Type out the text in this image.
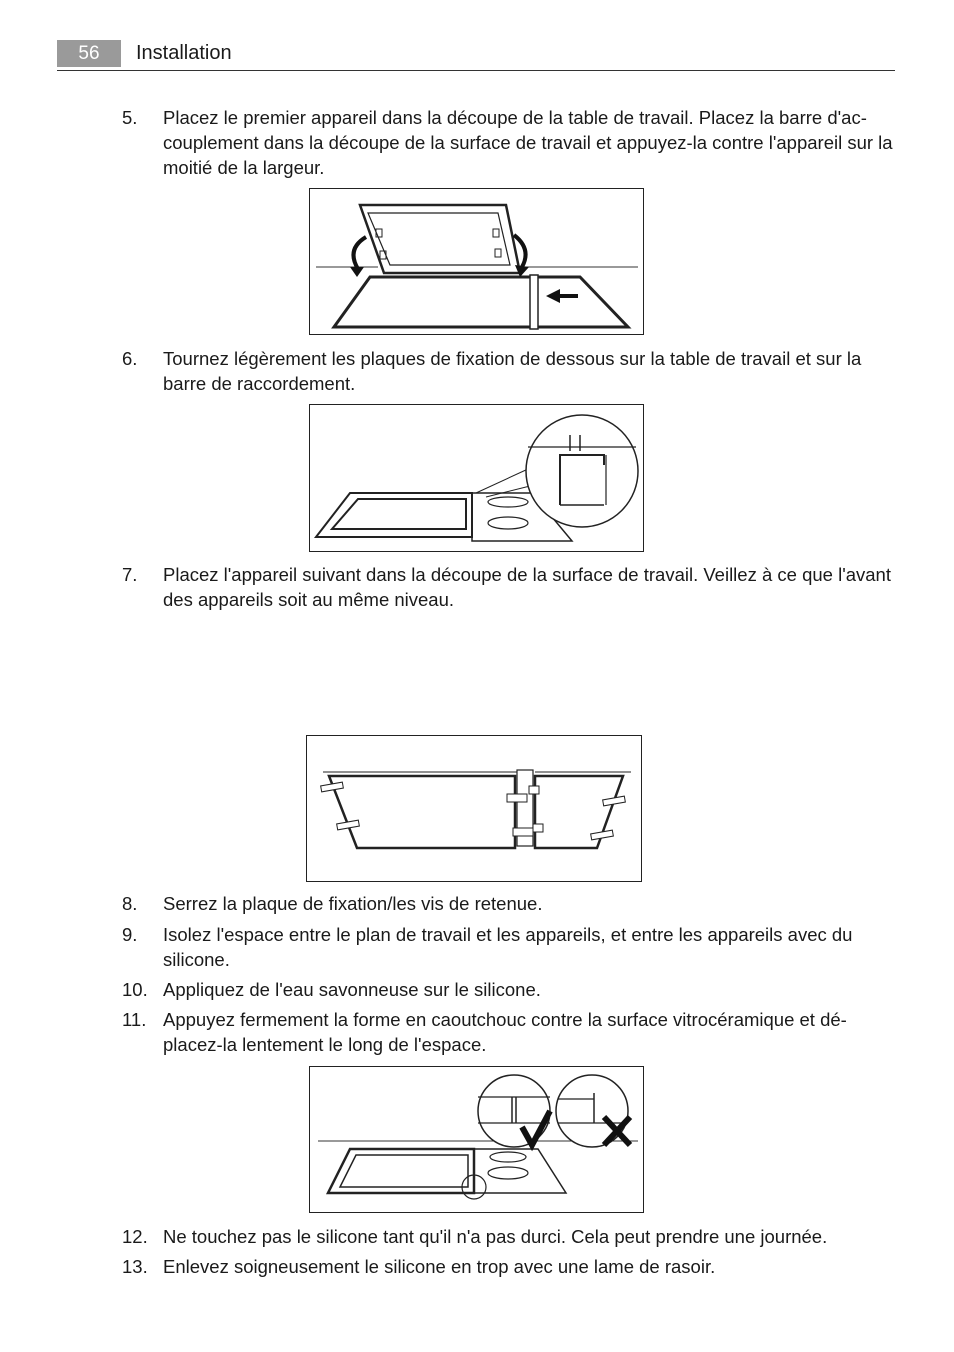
56	Installation
5. Placez le premier appareil dans la découpe de la table de travail. Placez la barre d'ac-couplement dans la découpe de la surface de travail et appuyez-la contre l'appareil sur la moitié de la largeur.
6. Tournez légèrement les plaques de fixation de dessous sur la table de travail et sur la barre de raccordement.
7. Placez l'appareil suivant dans la découpe de la surface de travail. Veillez à ce que l'avant des appareils soit au même niveau.
8. Serrez la plaque de fixation/les vis de retenue.
9. Isolez l'espace entre le plan de travail et les appareils, et entre les appareils avec du silicone.
10. Appliquez de l'eau savonneuse sur le silicone.
11. Appuyez fermement la forme en caoutchouc contre la surface vitrocéramique et dé-placez-la lentement le long de l'espace.
12. Ne touchez pas le silicone tant qu'il n'a pas durci. Cela peut prendre une journée.
13. Enlevez soigneusement le silicone en trop avec une lame de rasoir.
